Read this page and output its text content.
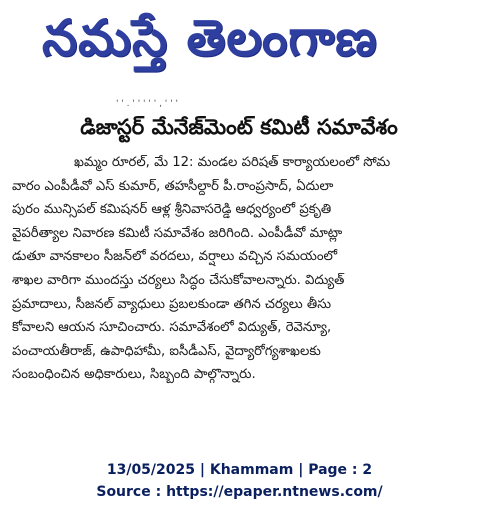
నమస్తే తెలంగాణ
' ' . ' ' ' ' ' , ' ' '
డిజాస్టర్ మేనేజ్‌మెంట్ కమిటీ సమావేశం
ఖమ్మం రూరల్, మే 12: మండల పరిషత్ కార్యాయలంలో సోమ
వారం ఎంపీడీవో ఎస్ కుమార్, తహసీల్దార్ పీ.రాంప్రసాద్, ఏదులా
పురం మున్సిపల్ కమిషనర్ ఆళ్ల శ్రీనివాసరెడ్డి ఆధ్వర్యంలో ప్రకృతి
వైపరీత్యాల నివారణ కమిటీ సమావేశం జరిగింది. ఎంపీడీవో మాట్లా
డుతూ వానకాలం సీజన్‌లో వరదలు, వర్షాలు వచ్చిన సమయంలో
శాఖల వారిగా ముందస్తు చర్యలు సిద్ధం చేసుకోవాలన్నారు. విద్యుత్
ప్రమాదాలు, సీజనల్ వ్యాధులు ప్రబలకుండా తగిన చర్యలు తీసు
కోవాలని ఆయన సూచించారు. సమావేశంలో విద్యుత్, రెవెన్యూ,
పంచాయతీరాజ్, ఉపాధిహామీ, ఐసీడీఎస్, వైద్యారోగ్యశాఖలకు
సంబంధించిన అధికారులు, సిబ్బంది పాల్గొన్నారు.
13/05/2025 | Khammam | Page : 2
Source : https://epaper.ntnews.com/
